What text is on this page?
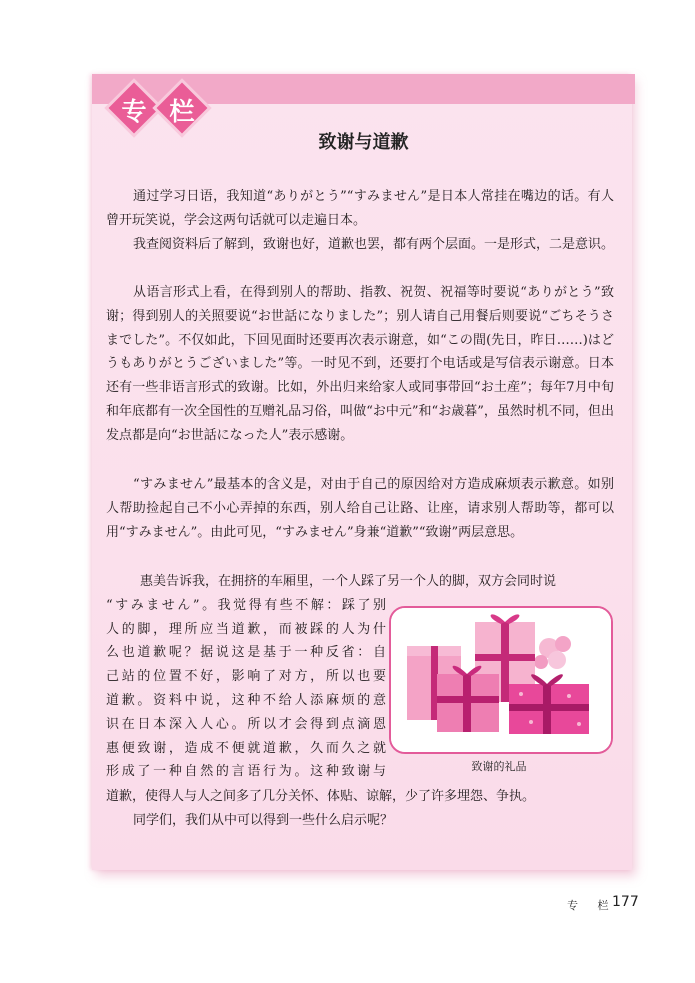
专 栏
致谢与道歉

通过学习日语，我知道“ありがとう”“すみません”是日本人常挂在嘴边的话。有人曾开玩笑说，学会这两句话就可以走遍日本。

我查阅资料后了解到，致谢也好，道歉也罢，都有两个层面。一是形式，二是意识。

从语言形式上看，在得到别人的帮助、指教、祝贺、祝福等时要说“ありがとう”致谢；得到别人的关照要说“お世話になりました”；别人请自己用餐后则要说“ごちそうさまでした”。不仅如此，下回见面时还要再次表示谢意，如“この間(先日，昨日……)はどうもありがとうございました”等。一时见不到，还要打个电话或是写信表示谢意。日本还有一些非语言形式的致谢。比如，外出归来给家人或同事带回“お土産”；每年7月中旬和年底都有一次全国性的互赠礼品习俗，叫做“お中元”和“お歳暮”，虽然时机不同，但出发点都是向“お世話になった人”表示感谢。

“すみません”最基本的含义是，对由于自己的原因给对方造成麻烦表示歉意。如别人帮助捡起自己不小心弄掉的东西，别人给自己让路、让座，请求别人帮助等，都可以用“すみません”。由此可见，“すみません”身兼“道歉”“致谢”两层意思。

惠美告诉我，在拥挤的车厢里，一个人踩了另一个人的脚，双方会同时说
“すみません”。我觉得有些不解：踩了别
人的脚，理所应当道歉，而被踩的人为什
么也道歉呢？据说这是基于一种反省：自
己站的位置不好，影响了对方，所以也要
道歉。资料中说，这种不给人添麻烦的意
识在日本深入人心。所以才会得到点滴恩
惠便致谢，造成不便就道歉，久而久之就
形成了一种自然的言语行为。这种致谢与

道歉，使得人与人之间多了几分关怀、体贴、谅解，少了许多埋怨、争执。

同学们，我们从中可以得到一些什么启示呢？

致谢的礼品
专 栏
177
